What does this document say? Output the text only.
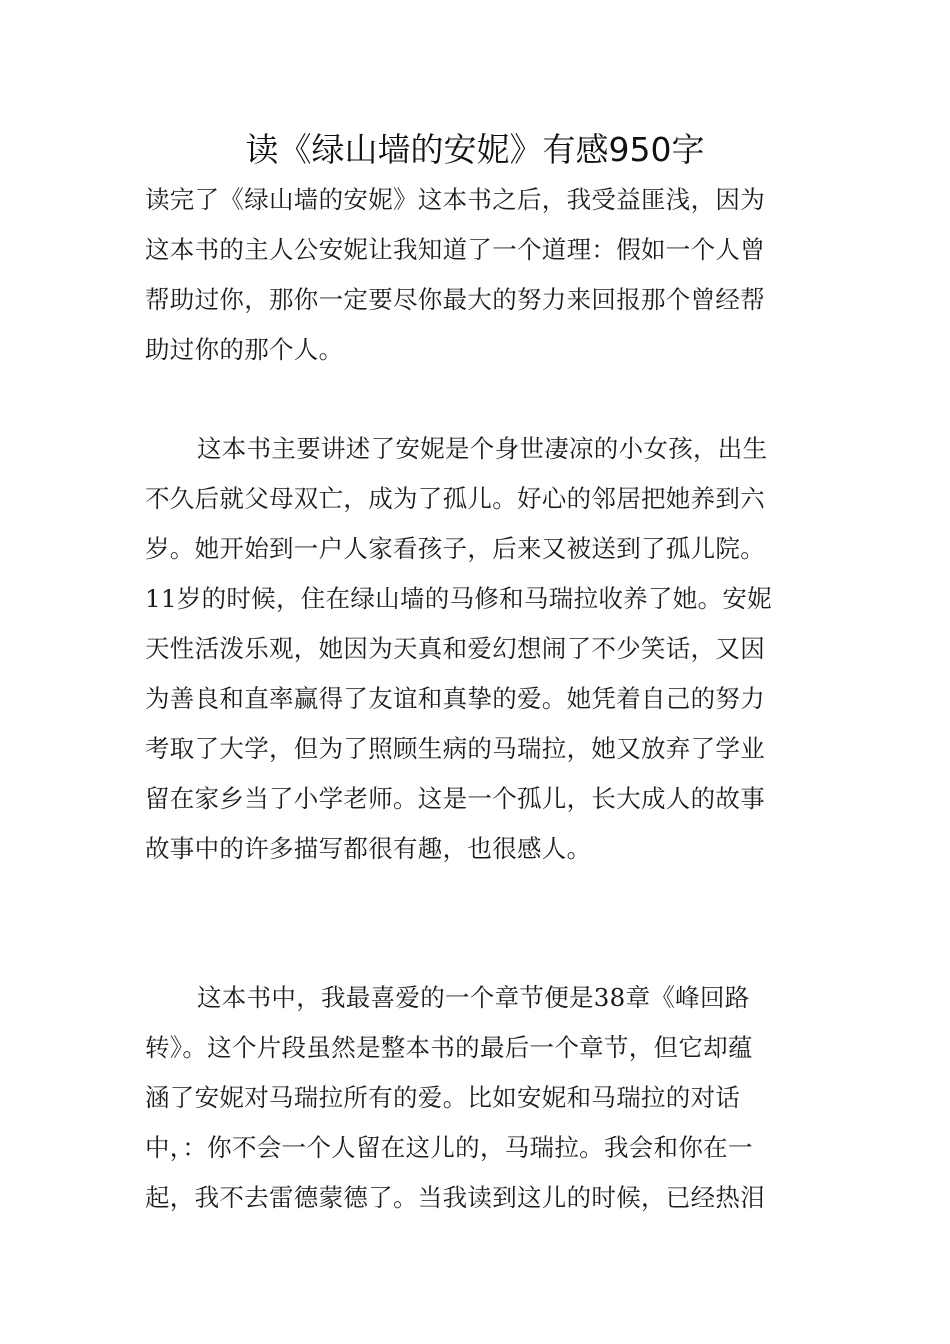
读《绿山墙的安妮》有感950字
读完了《绿山墙的安妮》这本书之后，我受益匪浅，因为
这本书的主人公安妮让我知道了一个道理：假如一个人曾
帮助过你，那你一定要尽你最大的努力来回报那个曾经帮
助过你的那个人。
这本书主要讲述了安妮是个身世凄凉的小女孩，出生
不久后就父母双亡，成为了孤儿。好心的邻居把她养到六
岁。她开始到一户人家看孩子，后来又被送到了孤儿院。
11岁的时候，住在绿山墙的马修和马瑞拉收养了她。安妮
天性活泼乐观，她因为天真和爱幻想闹了不少笑话，又因
为善良和直率赢得了友谊和真挚的爱。她凭着自己的努力
考取了大学，但为了照顾生病的马瑞拉，她又放弃了学业
留在家乡当了小学老师。这是一个孤儿，长大成人的故事
故事中的许多描写都很有趣，也很感人。
这本书中，我最喜爱的一个章节便是38章《峰回路
转》。这个片段虽然是整本书的最后一个章节，但它却蕴
涵了安妮对马瑞拉所有的爱。比如安妮和马瑞拉的对话
中，：你不会一个人留在这儿的，马瑞拉。我会和你在一
起，我不去雷德蒙德了。当我读到这儿的时候，已经热泪
